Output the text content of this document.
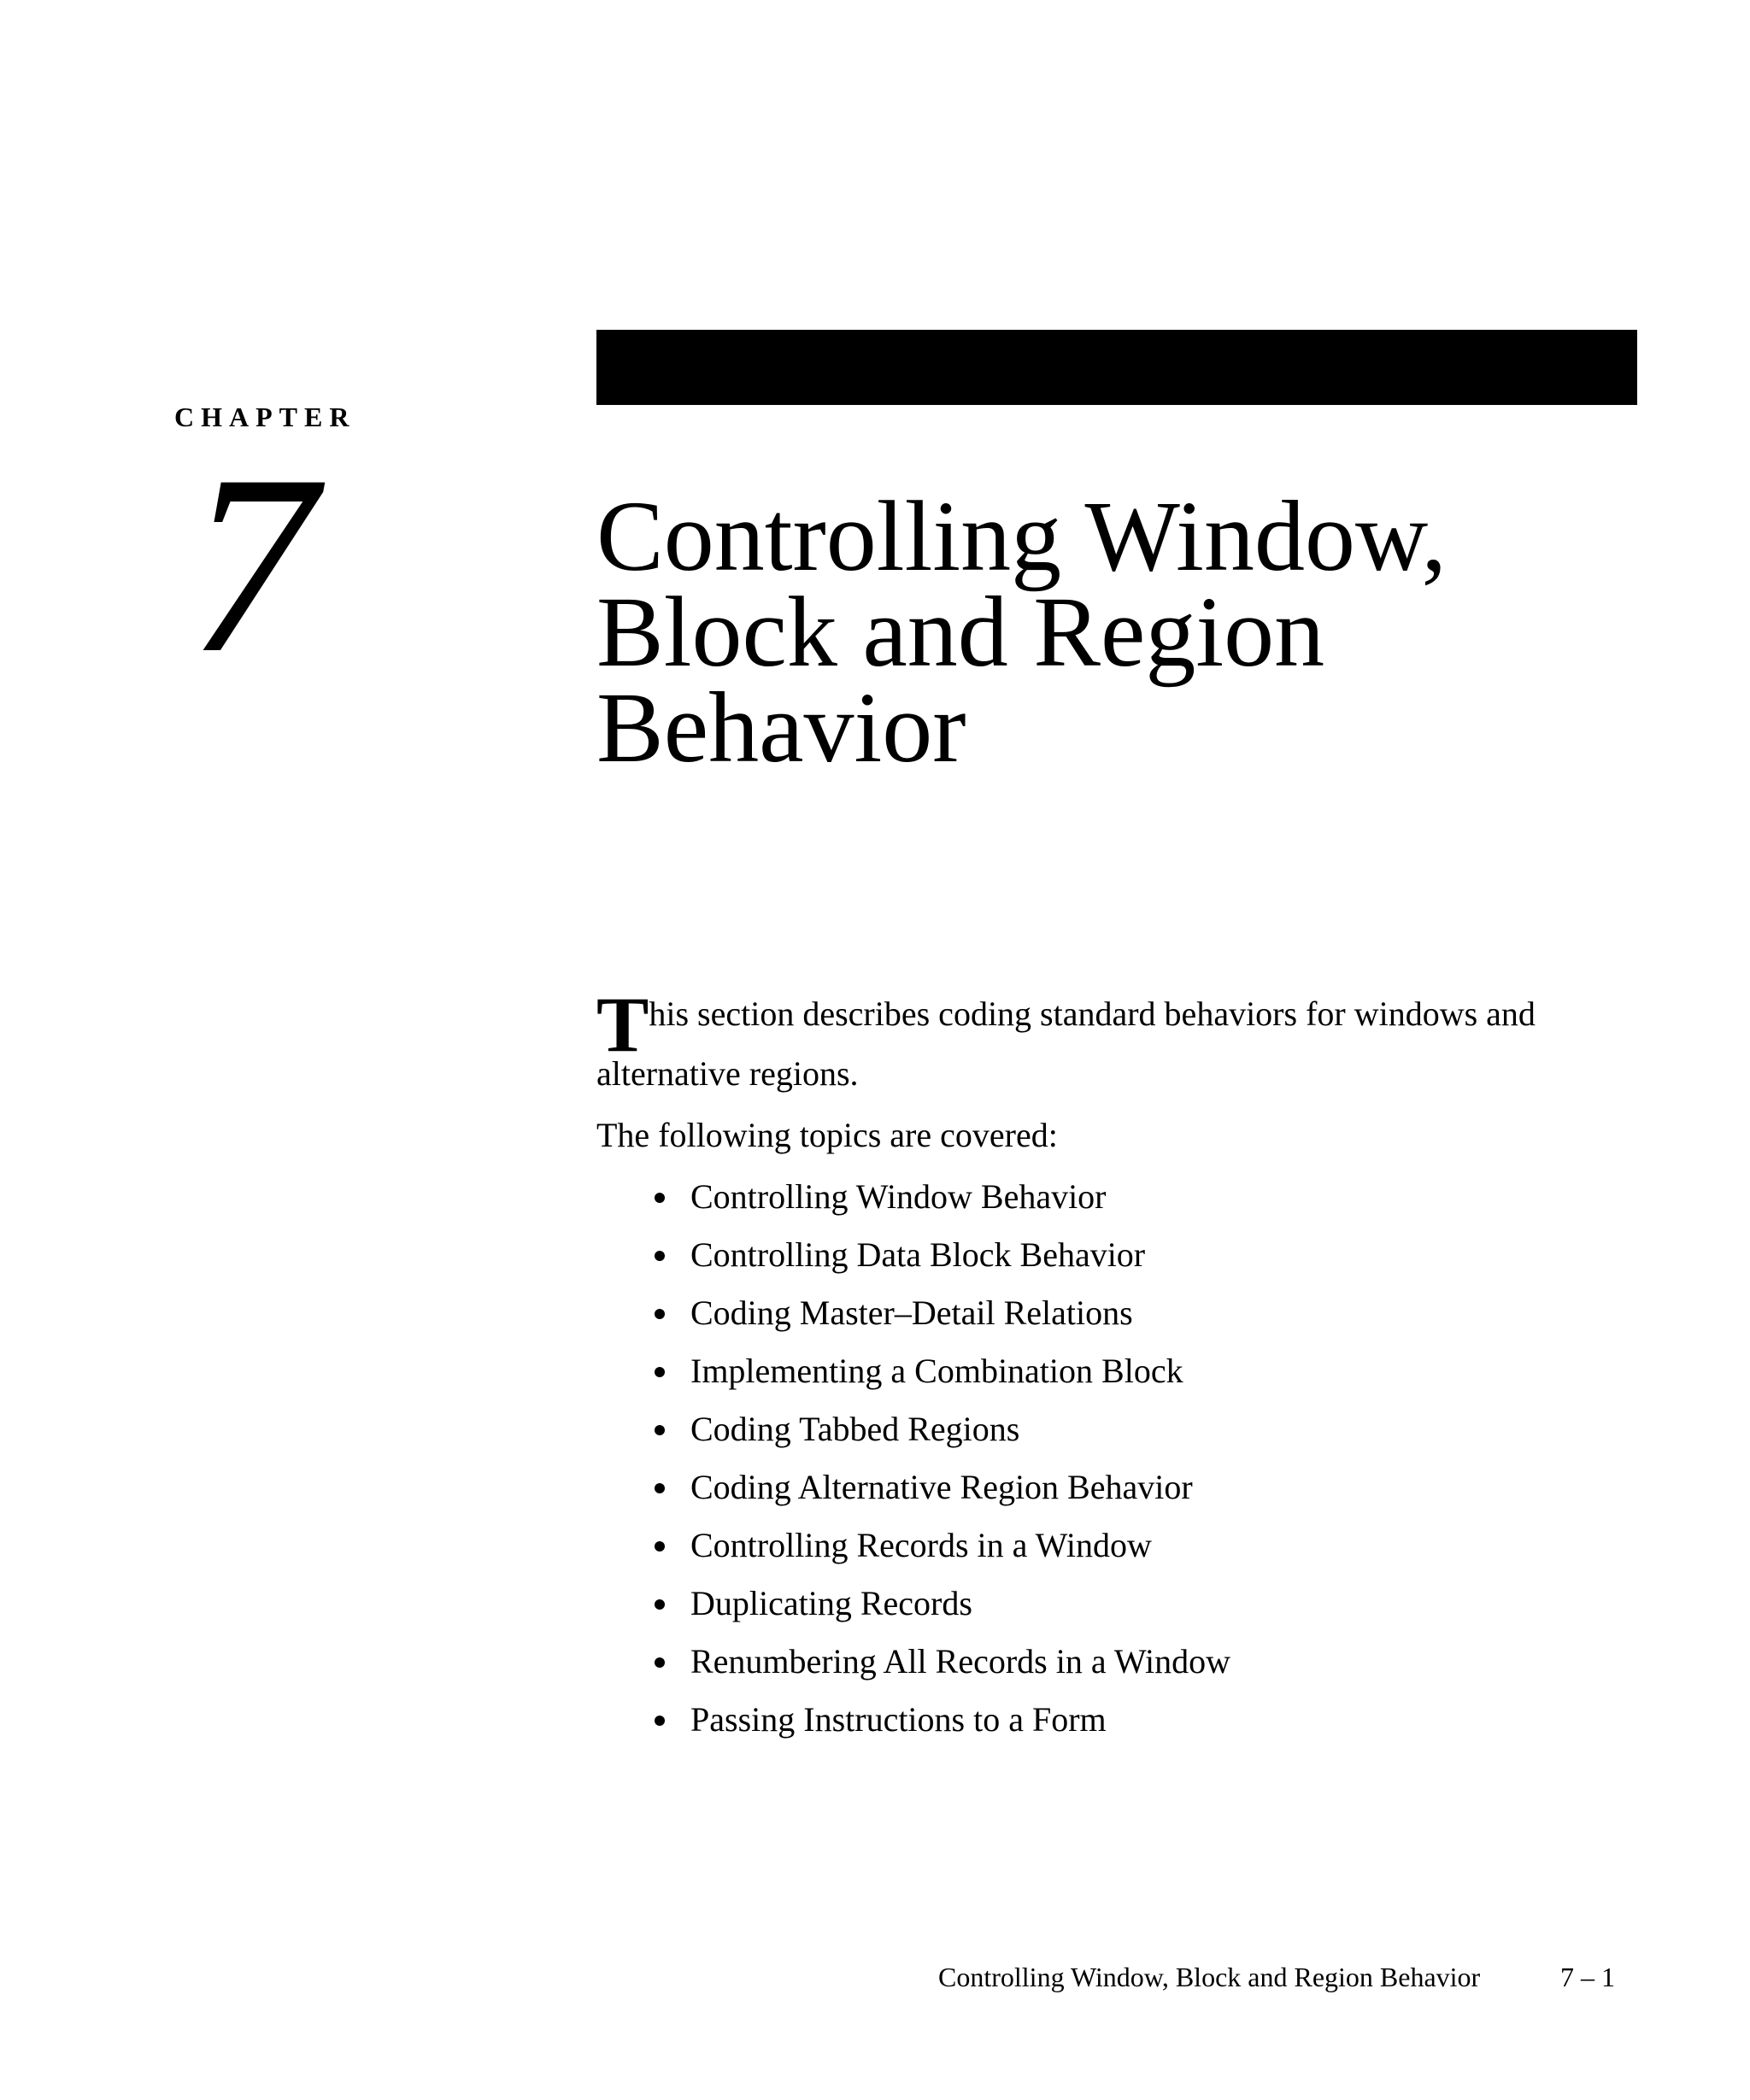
CHAPTER
7	Controlling Window,
Block and Region
Behavior
This section describes coding standard behaviors for windows and alternative regions.
The following topics are covered:
Controlling Window Behavior
Controlling Data Block Behavior
Coding Master–Detail Relations
Implementing a Combination Block
Coding Tabbed Regions
Coding Alternative Region Behavior
Controlling Records in a Window
Duplicating Records
Renumbering All Records in a Window
Passing Instructions to a Form
Controlling Window, Block and Region Behavior	7 – 1
